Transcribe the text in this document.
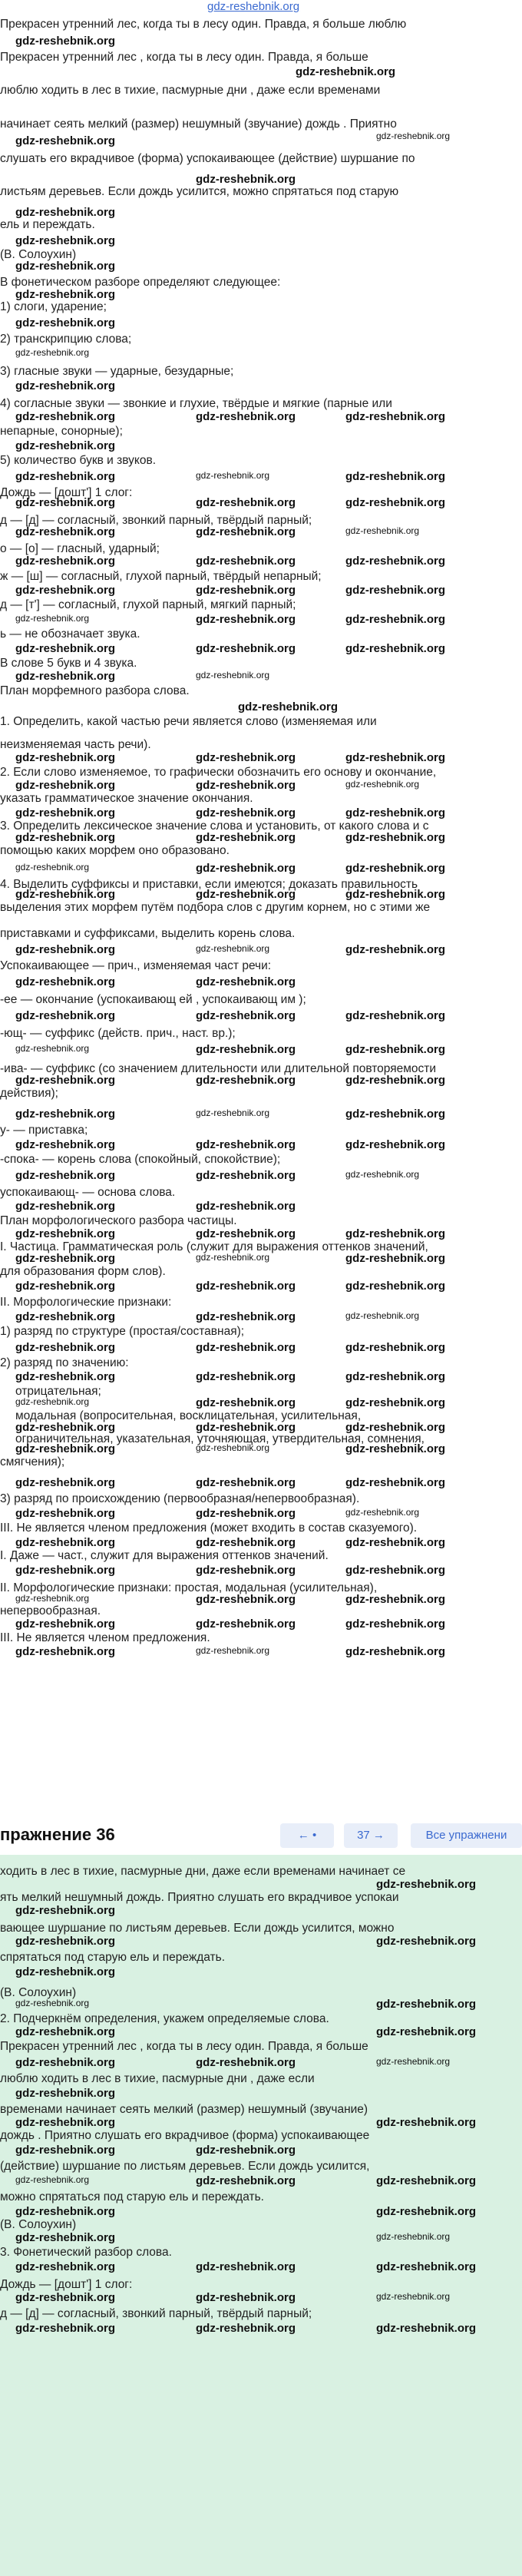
gdz-reshebnik.org
Прекрасен утренний лес, когда ты в лесу один. Правда, я больше люблю
Прекрасен утренний лес , когда ты в лесу один. Правда, я больше
люблю ходить в лес в тихие, пасмурные дни , даже если временами
начинает сеять мелкий (размер) нешумный (звучание) дождь . Приятно
слушать его вкрадчивое (форма) успокаивающее (действие) шуршание по
листьям деревьев. Если дождь усилится, можно спрятаться под старую
ель и переждать.
(В. Солоухин)
В фонетическом разборе определяют следующее:
1) слоги, ударение;
2) транскрипцию слова;
3) гласные звуки — ударные, безударные;
4) согласные звуки — звонкие и глухие, твёрдые и мягкие (парные или
непарные, сонорные);
5) количество букв и звуков.
Дождь — [дошт'] 1 слог:
д — [д] — согласный, звонкий парный, твёрдый парный;
о — [о] — гласный, ударный;
ж — [ш] — согласный, глухой парный, твёрдый непарный;
д — [т'] — согласный, глухой парный, мягкий парный;
ь — не обозначает звука.
В слове 5 букв и 4 звука.
План морфемного разбора слова.
1. Определить, какой частью речи является слово (изменяемая или
неизменяемая часть речи).
2. Если слово изменяемое, то графически обозначить его основу и окончание,
указать грамматическое значение окончания.
3. Определить лексическое значение слова и установить, от какого слова и с
помощью каких морфем оно образовано.
4. Выделить суффиксы и приставки, если имеются; доказать правильность
выделения этих морфем путём подбора слов с другим корнем, но с этими же
приставками и суффиксами, выделить корень слова.
Успокаивающее — прич., изменяемая част речи:
-ее — окончание (успокаивающ ей , успокаивающ им );
-ющ- — суффикс (действ. прич., наст. вр.);
-ива- — суффикс (со значением длительности или длительной повторяемости
действия);
у- — приставка;
-спока- — корень слова (спокойный, спокойствие);
успокаивающ- — основа слова.
План морфологического разбора частицы.
I. Частица. Грамматическая роль (служит для выражения оттенков значений,
для образования форм слов).
II. Морфологические признаки:
1) разряд по структуре (простая/составная);
2) разряд по значению:
отрицательная;
модальная (вопросительная, восклицательная, усилительная,
ограничительная, указательная, уточняющая, утвердительная, сомнения,
смягчения);
3) разряд по происхождению (первообразная/непервообразная).
III. Не является членом предложения (может входить в состав сказуемого).
I. Даже — част., служит для выражения оттенков значений.
II. Морфологические признаки: простая, модальная (усилительная),
непервообразная.
III. Не является членом предложения.
gdz-reshebnik.org
gdz-reshebnik.org
gdz-reshebnik.org	gdz-reshebnik.org
gdz-reshebnik.org
gdz-reshebnik.org
gdz-reshebnik.org
gdz-reshebnik.org
gdz-reshebnik.org
gdz-reshebnik.org
gdz-reshebnik.org
gdz-reshebnik.org
gdz-reshebnik.org	gdz-reshebnik.org	gdz-reshebnik.org
gdz-reshebnik.org
gdz-reshebnik.org	gdz-reshebnik.org	gdz-reshebnik.org
gdz-reshebnik.org	gdz-reshebnik.org	gdz-reshebnik.org
gdz-reshebnik.org	gdz-reshebnik.org	gdz-reshebnik.org
gdz-reshebnik.org	gdz-reshebnik.org	gdz-reshebnik.org
gdz-reshebnik.org	gdz-reshebnik.org	gdz-reshebnik.org
gdz-reshebnik.org	gdz-reshebnik.org	gdz-reshebnik.org
gdz-reshebnik.org	gdz-reshebnik.org	gdz-reshebnik.org
gdz-reshebnik.org	gdz-reshebnik.org
gdz-reshebnik.org
gdz-reshebnik.org	gdz-reshebnik.org	gdz-reshebnik.org
gdz-reshebnik.org	gdz-reshebnik.org	gdz-reshebnik.org
gdz-reshebnik.org	gdz-reshebnik.org	gdz-reshebnik.org
gdz-reshebnik.org	gdz-reshebnik.org	gdz-reshebnik.org
gdz-reshebnik.org	gdz-reshebnik.org	gdz-reshebnik.org
gdz-reshebnik.org	gdz-reshebnik.org	gdz-reshebnik.org
gdz-reshebnik.org	gdz-reshebnik.org	gdz-reshebnik.org
gdz-reshebnik.org	gdz-reshebnik.org
gdz-reshebnik.org	gdz-reshebnik.org	gdz-reshebnik.org
gdz-reshebnik.org	gdz-reshebnik.org	gdz-reshebnik.org
gdz-reshebnik.org	gdz-reshebnik.org	gdz-reshebnik.org
gdz-reshebnik.org	gdz-reshebnik.org	gdz-reshebnik.org
gdz-reshebnik.org	gdz-reshebnik.org	gdz-reshebnik.org
gdz-reshebnik.org	gdz-reshebnik.org	gdz-reshebnik.org
gdz-reshebnik.org	gdz-reshebnik.org
gdz-reshebnik.org	gdz-reshebnik.org	gdz-reshebnik.org
gdz-reshebnik.org	gdz-reshebnik.org	gdz-reshebnik.org
gdz-reshebnik.org	gdz-reshebnik.org	gdz-reshebnik.org
gdz-reshebnik.org	gdz-reshebnik.org	gdz-reshebnik.org
gdz-reshebnik.org	gdz-reshebnik.org	gdz-reshebnik.org
gdz-reshebnik.org	gdz-reshebnik.org	gdz-reshebnik.org
gdz-reshebnik.org	gdz-reshebnik.org	gdz-reshebnik.org
gdz-reshebnik.org	gdz-reshebnik.org	gdz-reshebnik.org
gdz-reshebnik.org	gdz-reshebnik.org	gdz-reshebnik.org
gdz-reshebnik.org	gdz-reshebnik.org	gdz-reshebnik.org
gdz-reshebnik.org	gdz-reshebnik.org	gdz-reshebnik.org
gdz-reshebnik.org	gdz-reshebnik.org	gdz-reshebnik.org
gdz-reshebnik.org	gdz-reshebnik.org	gdz-reshebnik.org
gdz-reshebnik.org	gdz-reshebnik.org	gdz-reshebnik.org
gdz-reshebnik.org	gdz-reshebnik.org	gdz-reshebnik.org
gdz-reshebnik.org	gdz-reshebnik.org	gdz-reshebnik.org
пражнение 36	← •	37 →	Все упражнени
ходить в лес в тихие, пасмурные дни, даже если временами начинает се
ять мелкий нешумный дождь. Приятно слушать его вкрадчивое успокаи
вающее шуршание по листьям деревьев. Если дождь усилится, можно
спрятаться под старую ель и переждать.
(В. Солоухин)
2. Подчеркнём определения, укажем определяемые слова.
Прекрасен утренний лес , когда ты в лесу один. Правда, я больше
люблю ходить в лес в тихие, пасмурные дни , даже если
временами начинает сеять мелкий (размер) нешумный (звучание)
дождь . Приятно слушать его вкрадчивое (форма) успокаивающее
(действие) шуршание по листьям деревьев. Если дождь усилится,
можно спрятаться под старую ель и переждать.
(В. Солоухин)
3. Фонетический разбор слова.
Дождь — [дошт'] 1 слог:
д — [д] — согласный, звонкий парный, твёрдый парный;
gdz-reshebnik.org
gdz-reshebnik.org
gdz-reshebnik.org	gdz-reshebnik.org
gdz-reshebnik.org
gdz-reshebnik.org	gdz-reshebnik.org
gdz-reshebnik.org	gdz-reshebnik.org
gdz-reshebnik.org	gdz-reshebnik.org	gdz-reshebnik.org
gdz-reshebnik.org
gdz-reshebnik.org	gdz-reshebnik.org
gdz-reshebnik.org	gdz-reshebnik.org
gdz-reshebnik.org	gdz-reshebnik.org	gdz-reshebnik.org
gdz-reshebnik.org	gdz-reshebnik.org
gdz-reshebnik.org	gdz-reshebnik.org
gdz-reshebnik.org	gdz-reshebnik.org	gdz-reshebnik.org
gdz-reshebnik.org	gdz-reshebnik.org	gdz-reshebnik.org
gdz-reshebnik.org	gdz-reshebnik.org	gdz-reshebnik.org
